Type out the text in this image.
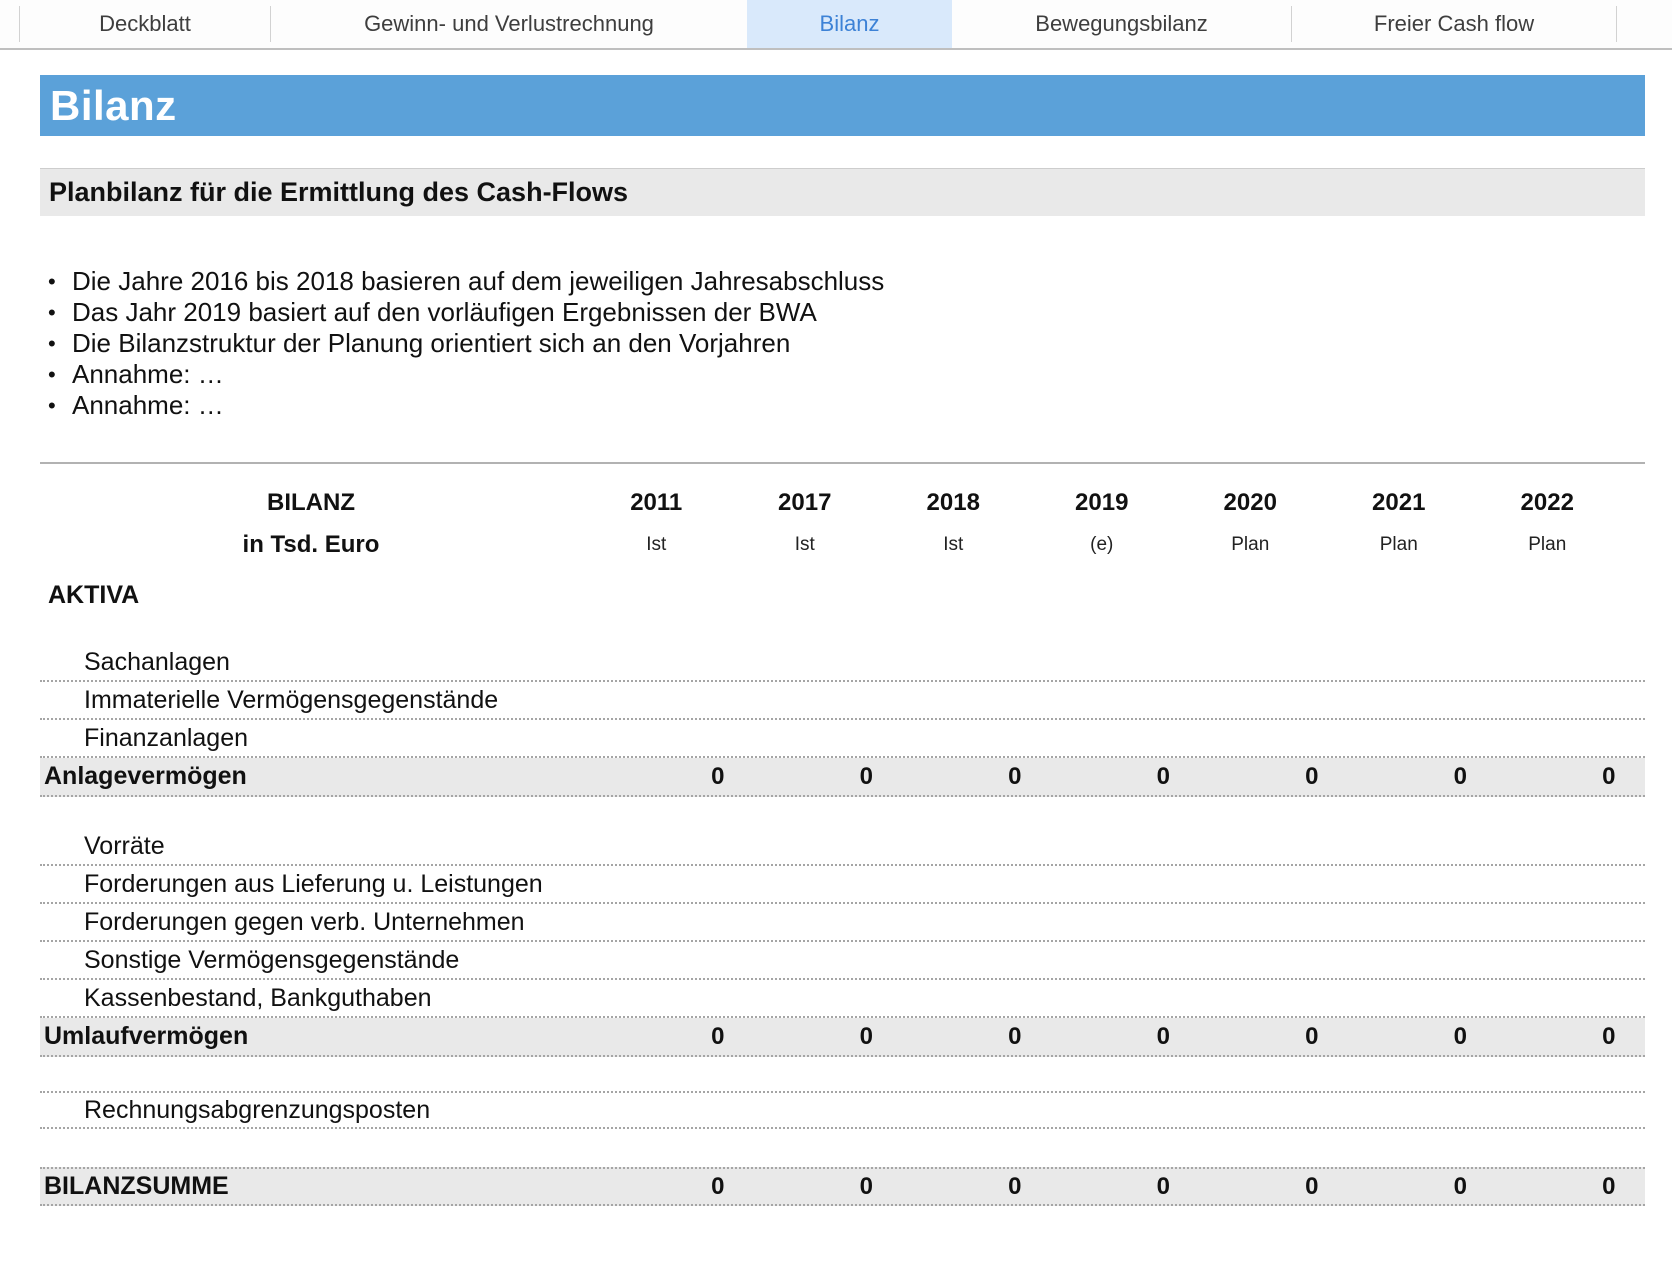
Deckblatt	Gewinn- und Verlustrechnung	Bilanz	Bewegungsbilanz	Freier Cash flow
Bilanz
Planbilanz für die Ermittlung des Cash-Flows
• Die Jahre 2016 bis 2018 basieren auf dem jeweiligen Jahresabschluss
• Das Jahr 2019 basiert auf den vorläufigen Ergebnissen der BWA
• Die Bilanzstruktur der Planung orientiert sich an den Vorjahren
• Annahme: …
• Annahme: …
BILANZ	2011	2017	2018	2019	2020	2021	2022
in Tsd. Euro	Ist	Ist	Ist	(e)	Plan	Plan	Plan
AKTIVA
Sachanlagen
Immaterielle Vermögensgegenstände
Finanzanlagen
Anlagevermögen	0	0	0	0	0	0	0
Vorräte
Forderungen aus Lieferung u. Leistungen
Forderungen gegen verb. Unternehmen
Sonstige Vermögensgegenstände
Kassenbestand, Bankguthaben
Umlaufvermögen	0	0	0	0	0	0	0
Rechnungsabgrenzungsposten
BILANZSUMME	0	0	0	0	0	0	0
